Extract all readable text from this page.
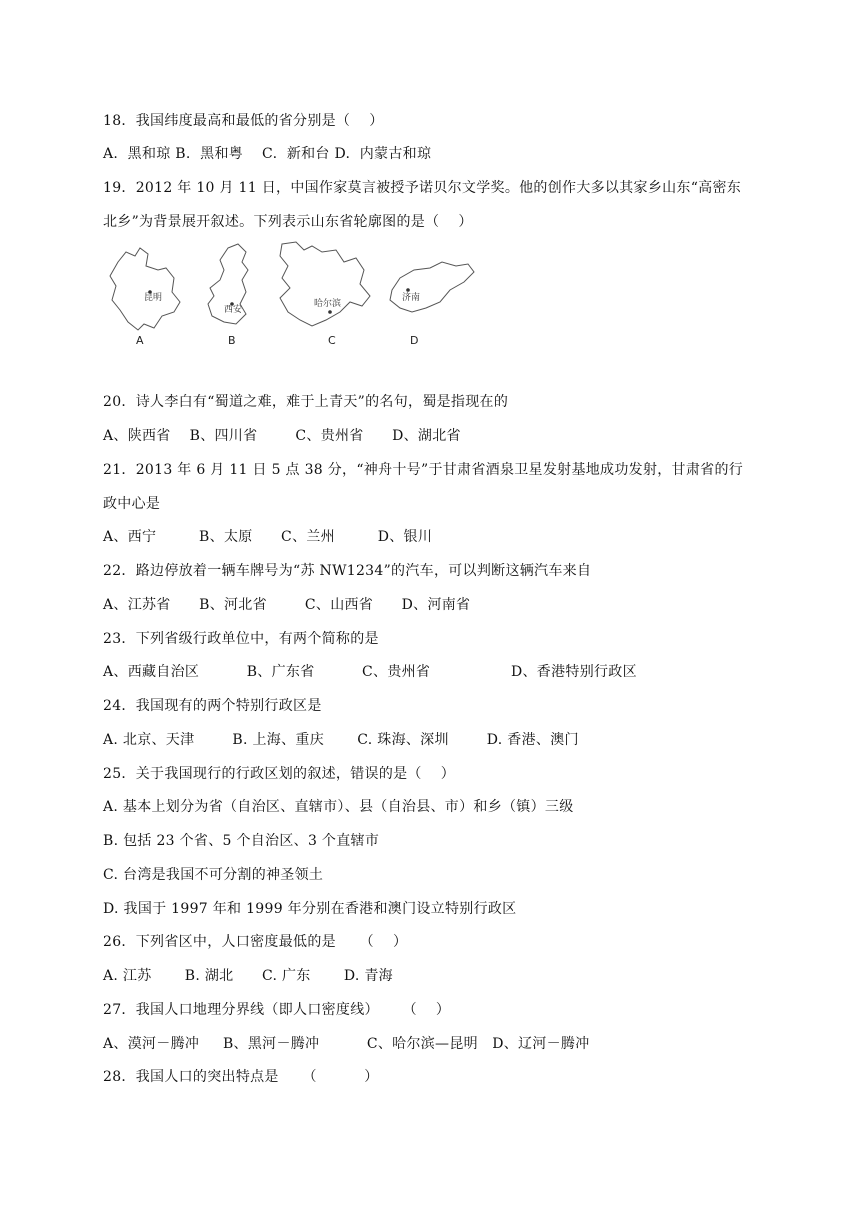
18．我国纬度最高和最低的省分别是（    ）
A.  黑和琼 B.  黑和粤    C.  新和台 D.  内蒙古和琼
19．2012 年 10 月 11 日，中国作家莫言被授予诺贝尔文学奖。他的创作大多以其家乡山东“高密东
北乡”为背景展开叙述。下列表示山东省轮廓图的是（    ）
昆明
A
西安
B
哈尔滨
C
济南
D
20．诗人李白有“蜀道之难，难于上青天”的名句，蜀是指现在的
A、陕西省    B、四川省        C、贵州省      D、湖北省
21．2013 年 6 月 11 日 5 点 38 分，“神舟十号”于甘肃省酒泉卫星发射基地成功发射，甘肃省的行
政中心是
A、西宁         B、太原      C、兰州         D、银川
22．路边停放着一辆车牌号为“苏 NW1234”的汽车，可以判断这辆汽车来自
A、江苏省      B、河北省        C、山西省      D、河南省
23．下列省级行政单位中，有两个简称的是
A、西藏自治区          B、广东省          C、贵州省                 D、香港特别行政区
24．我国现有的两个特别行政区是
A. 北京、天津        B. 上海、重庆       C. 珠海、深圳        D. 香港、澳门
25．关于我国现行的行政区划的叙述，错误的是（    ）
A. 基本上划分为省（自治区、直辖市）、县（自治县、市）和乡（镇）三级
B. 包括 23 个省、5 个自治区、3 个直辖市
C. 台湾是我国不可分割的神圣领土
D. 我国于 1997 年和 1999 年分别在香港和澳门设立特别行政区
26．下列省区中，人口密度最低的是     （    ）
A. 江苏       B. 湖北      C. 广东       D. 青海
27．我国人口地理分界线（即人口密度线）     （    ）
A、漠河－腾冲     B、黑河－腾冲          C、哈尔滨—昆明   D、辽河－腾冲
28．我国人口的突出特点是     （          ）
